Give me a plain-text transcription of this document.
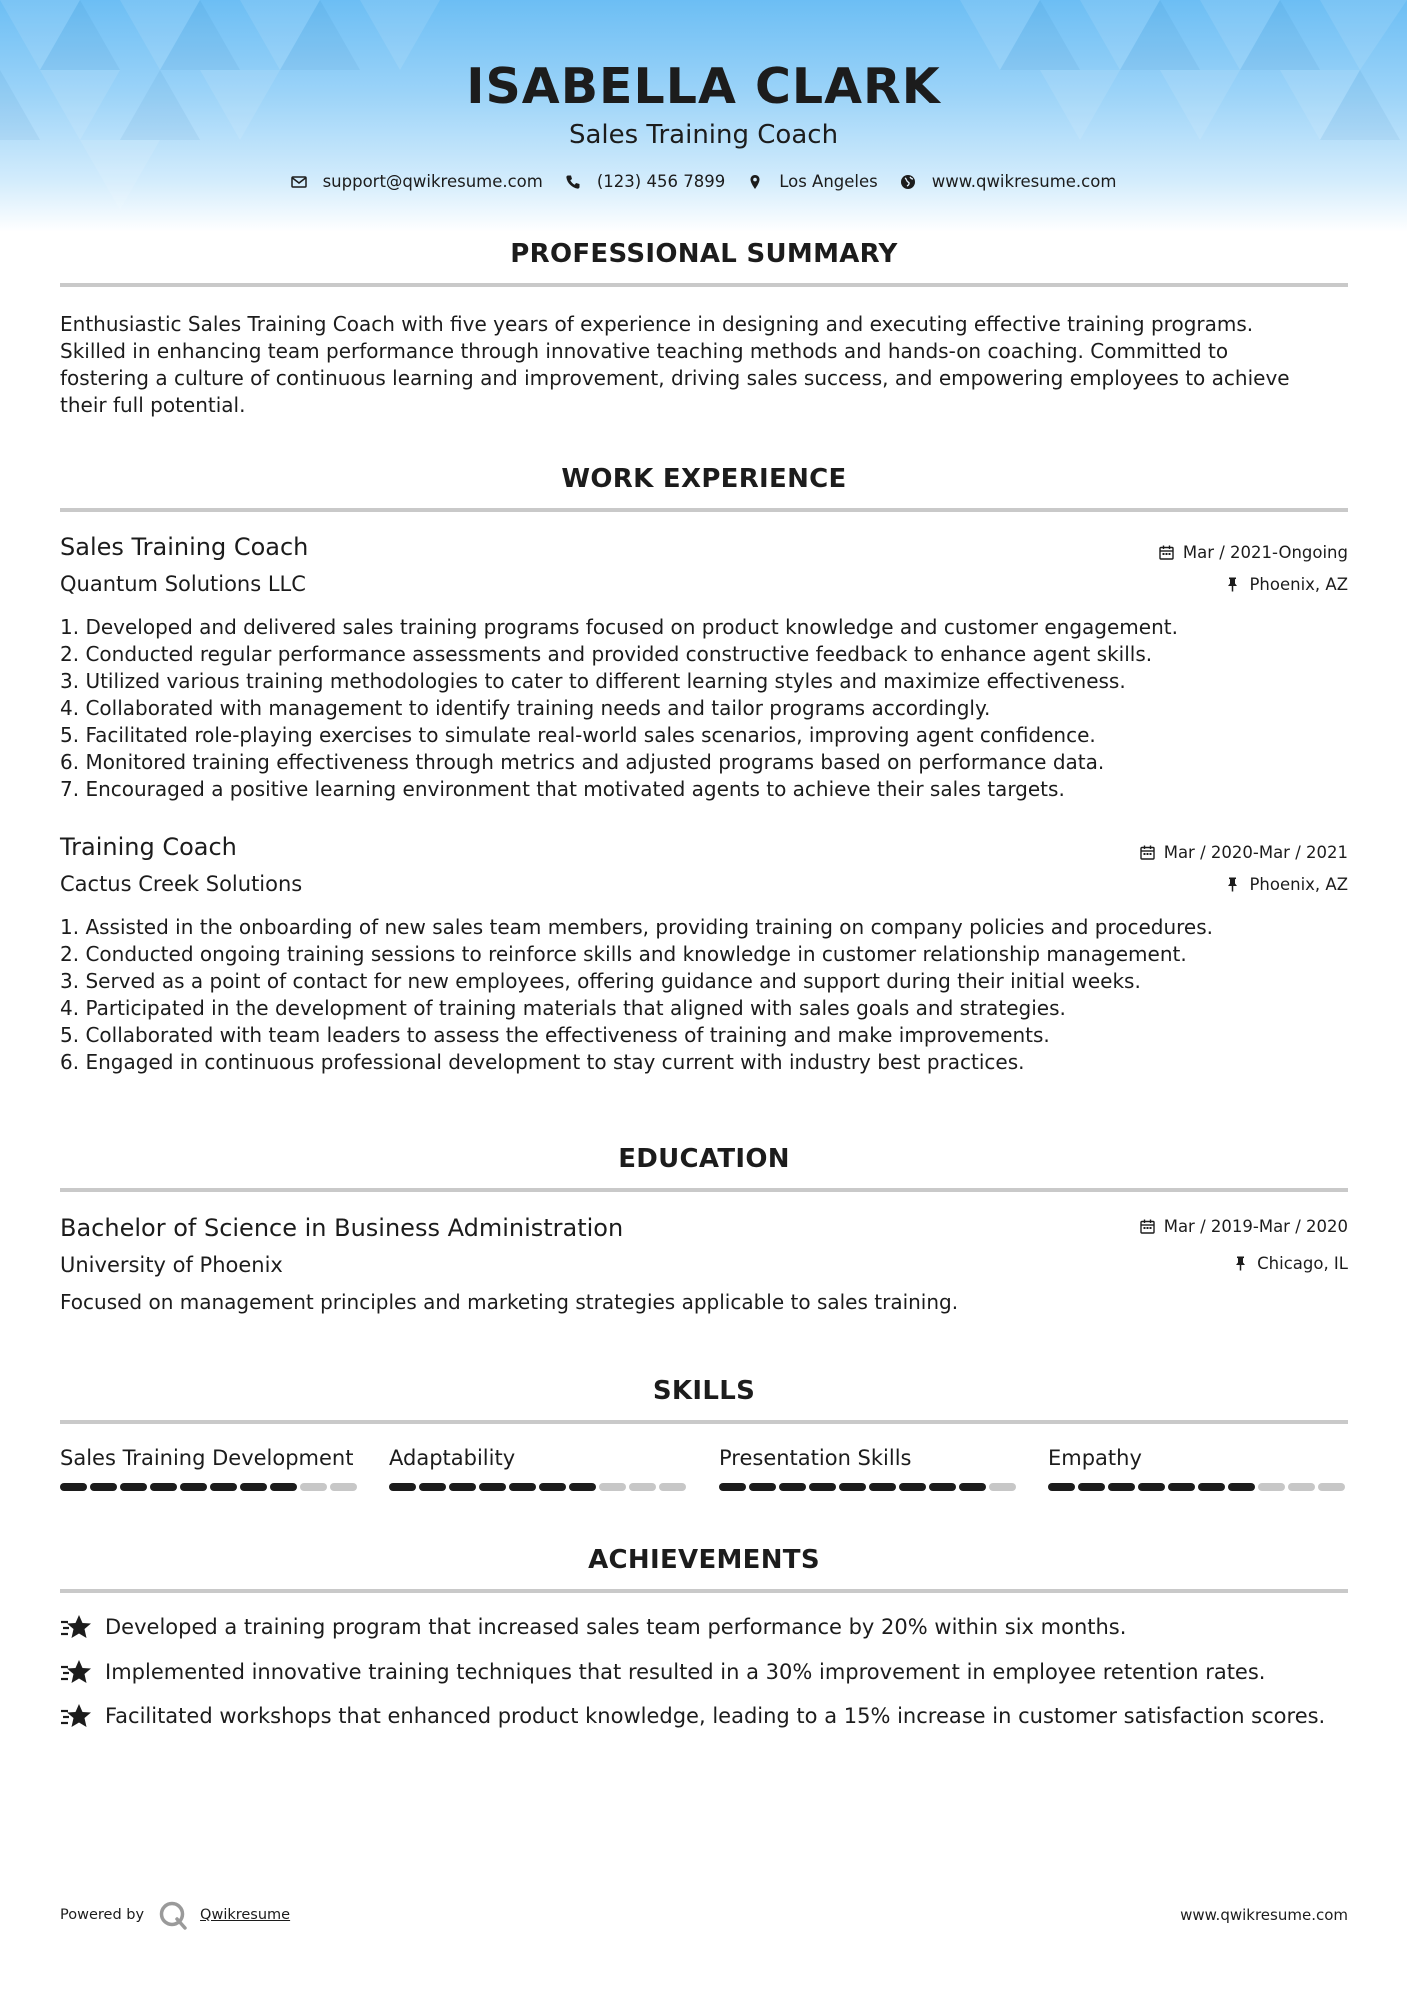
ISABELLA CLARK
Sales Training Coach
support@qwikresume.com	(123) 456 7899	Los Angeles	www.qwikresume.com
PROFESSIONAL SUMMARY
Enthusiastic Sales Training Coach with five years of experience in designing and executing effective training programs.
Skilled in enhancing team performance through innovative teaching methods and hands-on coaching. Committed to
fostering a culture of continuous learning and improvement, driving sales success, and empowering employees to achieve
their full potential.
WORK EXPERIENCE
Sales Training Coach	Mar / 2021-Ongoing
Quantum Solutions LLC	Phoenix, AZ
1. Developed and delivered sales training programs focused on product knowledge and customer engagement.
2. Conducted regular performance assessments and provided constructive feedback to enhance agent skills.
3. Utilized various training methodologies to cater to different learning styles and maximize effectiveness.
4. Collaborated with management to identify training needs and tailor programs accordingly.
5. Facilitated role-playing exercises to simulate real-world sales scenarios, improving agent confidence.
6. Monitored training effectiveness through metrics and adjusted programs based on performance data.
7. Encouraged a positive learning environment that motivated agents to achieve their sales targets.
Training Coach	Mar / 2020-Mar / 2021
Cactus Creek Solutions	Phoenix, AZ
1. Assisted in the onboarding of new sales team members, providing training on company policies and procedures.
2. Conducted ongoing training sessions to reinforce skills and knowledge in customer relationship management.
3. Served as a point of contact for new employees, offering guidance and support during their initial weeks.
4. Participated in the development of training materials that aligned with sales goals and strategies.
5. Collaborated with team leaders to assess the effectiveness of training and make improvements.
6. Engaged in continuous professional development to stay current with industry best practices.
EDUCATION
Bachelor of Science in Business Administration	Mar / 2019-Mar / 2020
University of Phoenix	Chicago, IL
Focused on management principles and marketing strategies applicable to sales training.
SKILLS
Sales Training Development	Adaptability	Presentation Skills	Empathy
ACHIEVEMENTS
Developed a training program that increased sales team performance by 20% within six months.
Implemented innovative training techniques that resulted in a 30% improvement in employee retention rates.
Facilitated workshops that enhanced product knowledge, leading to a 15% increase in customer satisfaction scores.
Powered by	Qwikresume	www.qwikresume.com
